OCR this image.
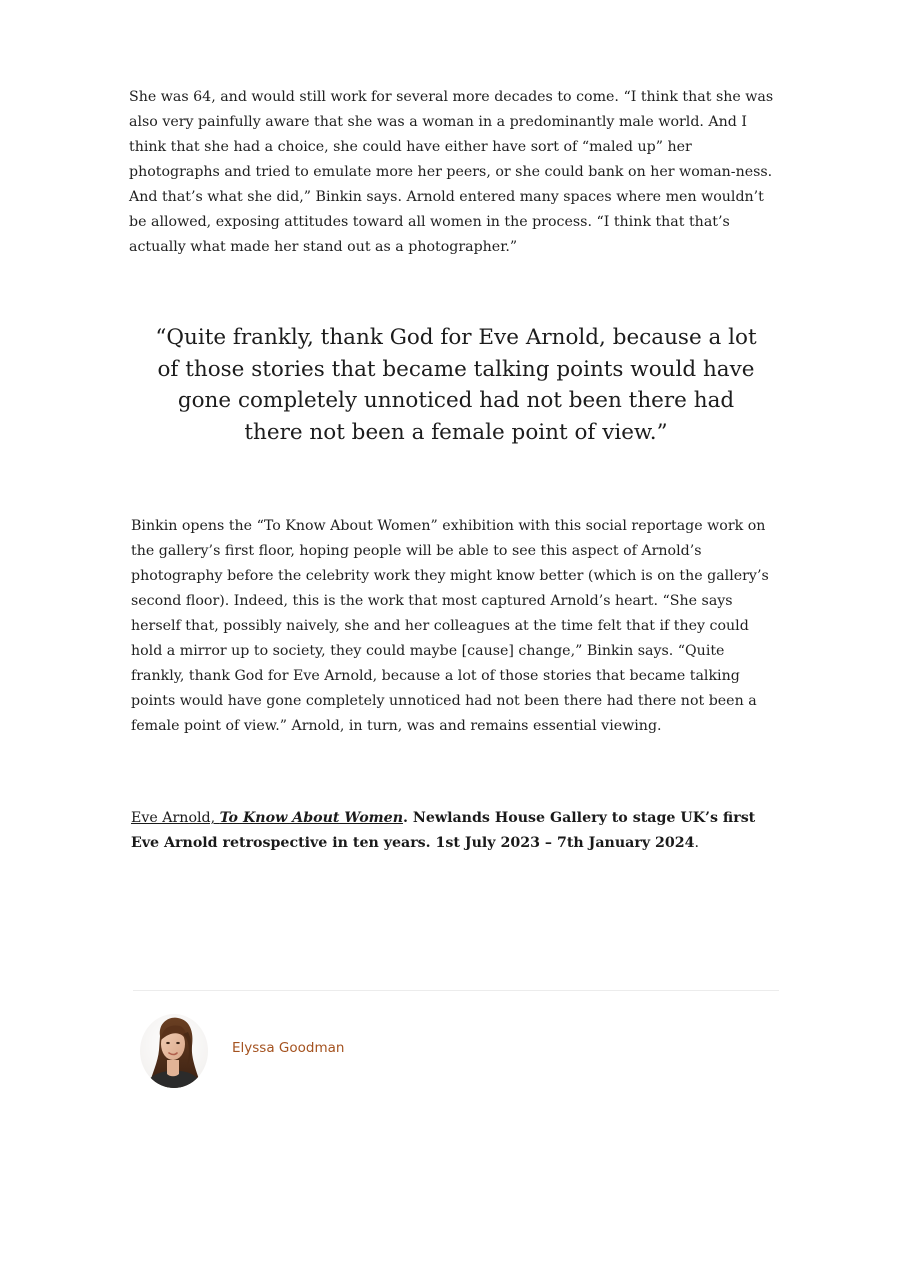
She was 64, and would still work for several more decades to come. “I think that she was also very painfully aware that she was a woman in a predominantly male world. And I think that she had a choice, she could have either have sort of “maled up” her photographs and tried to emulate more her peers, or she could bank on her woman-ness. And that’s what she did,” Binkin says. Arnold entered many spaces where men wouldn’t be allowed, exposing attitudes toward all women in the process. “I think that that’s actually what made her stand out as a photographer.”

“Quite frankly, thank God for Eve Arnold, because a lot of those stories that became talking points would have gone completely unnoticed had not been there had there not been a female point of view.”

Binkin opens the “To Know About Women” exhibition with this social reportage work on the gallery’s first floor, hoping people will be able to see this aspect of Arnold’s photography before the celebrity work they might know better (which is on the gallery’s second floor). Indeed, this is the work that most captured Arnold’s heart. “She says herself that, possibly naively, she and her colleagues at the time felt that if they could hold a mirror up to society, they could maybe [cause] change,” Binkin says. “Quite frankly, thank God for Eve Arnold, because a lot of those stories that became talking points would have gone completely unnoticed had not been there had there not been a female point of view.” Arnold, in turn, was and remains essential viewing.

Eve Arnold, To Know About Women. Newlands House Gallery to stage UK’s first Eve Arnold retrospective in ten years. 1st July 2023 – 7th January 2024.

Elyssa Goodman
